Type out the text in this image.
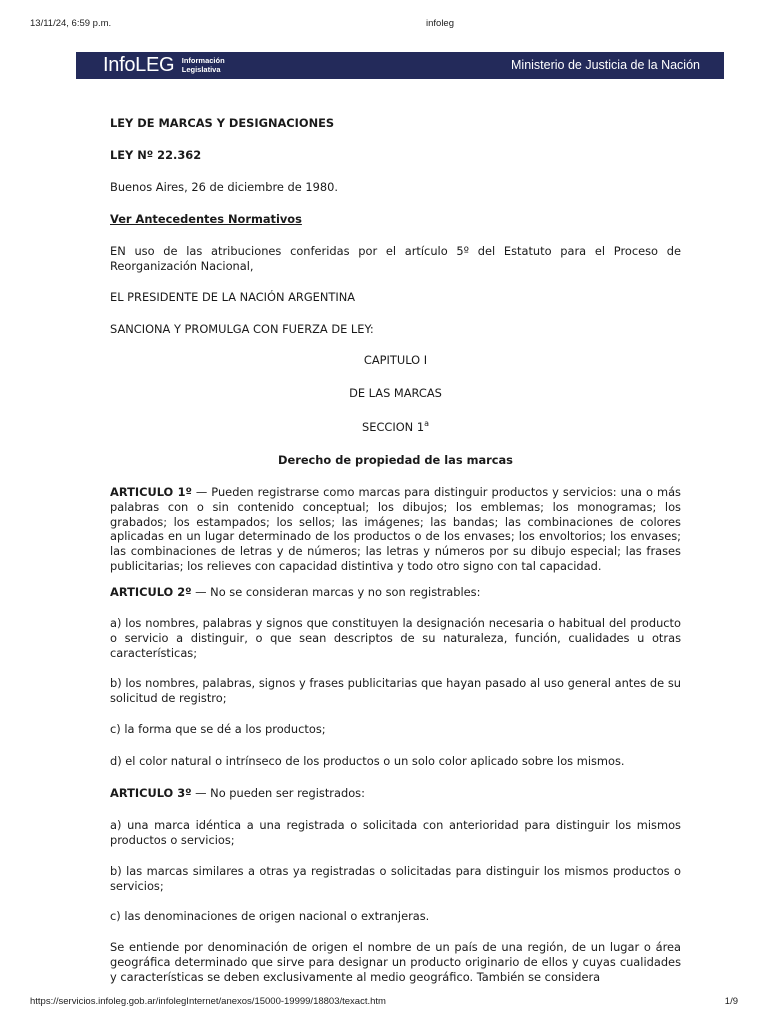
13/11/24, 6:59 p.m.	infoleg
InfoLEG Información
Legislativa	Ministerio de Justicia de la Nación
LEY DE MARCAS Y DESIGNACIONES
LEY Nº 22.362
Buenos Aires, 26 de diciembre de 1980.
Ver Antecedentes Normativos
EN uso de las atribuciones conferidas por el artículo 5º del Estatuto para el Proceso de Reorganización Nacional,
EL PRESIDENTE DE LA NACIÓN ARGENTINA
SANCIONA Y PROMULGA CON FUERZA DE LEY:
CAPITULO I
DE LAS MARCAS
SECCION 1$^a$
Derecho de propiedad de las marcas
ARTICULO 1º — Pueden registrarse como marcas para distinguir productos y servicios: una o más palabras con o sin contenido conceptual; los dibujos; los emblemas; los monogramas; los grabados; los estampados; los sellos; las imágenes; las bandas; las combinaciones de colores aplicadas en un lugar determinado de los productos o de los envases; los envoltorios; los envases; las combinaciones de letras y de números; las letras y números por su dibujo especial; las frases publicitarias; los relieves con capacidad distintiva y todo otro signo con tal capacidad.
ARTICULO 2º — No se consideran marcas y no son registrables:
a) los nombres, palabras y signos que constituyen la designación necesaria o habitual del producto o servicio a distinguir, o que sean descriptos de su naturaleza, función, cualidades u otras características;
b) los nombres, palabras, signos y frases publicitarias que hayan pasado al uso general antes de su solicitud de registro;
c) la forma que se dé a los productos;
d) el color natural o intrínseco de los productos o un solo color aplicado sobre los mismos.
ARTICULO 3º — No pueden ser registrados:
a) una marca idéntica a una registrada o solicitada con anterioridad para distinguir los mismos productos o servicios;
b) las marcas similares a otras ya registradas o solicitadas para distinguir los mismos productos o servicios;
c) las denominaciones de origen nacional o extranjeras.
Se entiende por denominación de origen el nombre de un país de una región, de un lugar o área geográfica determinado que sirve para designar un producto originario de ellos y cuyas cualidades y características se deben exclusivamente al medio geográfico. También se considera
https://servicios.infoleg.gob.ar/infolegInternet/anexos/15000-19999/18803/texact.htm	1/9
